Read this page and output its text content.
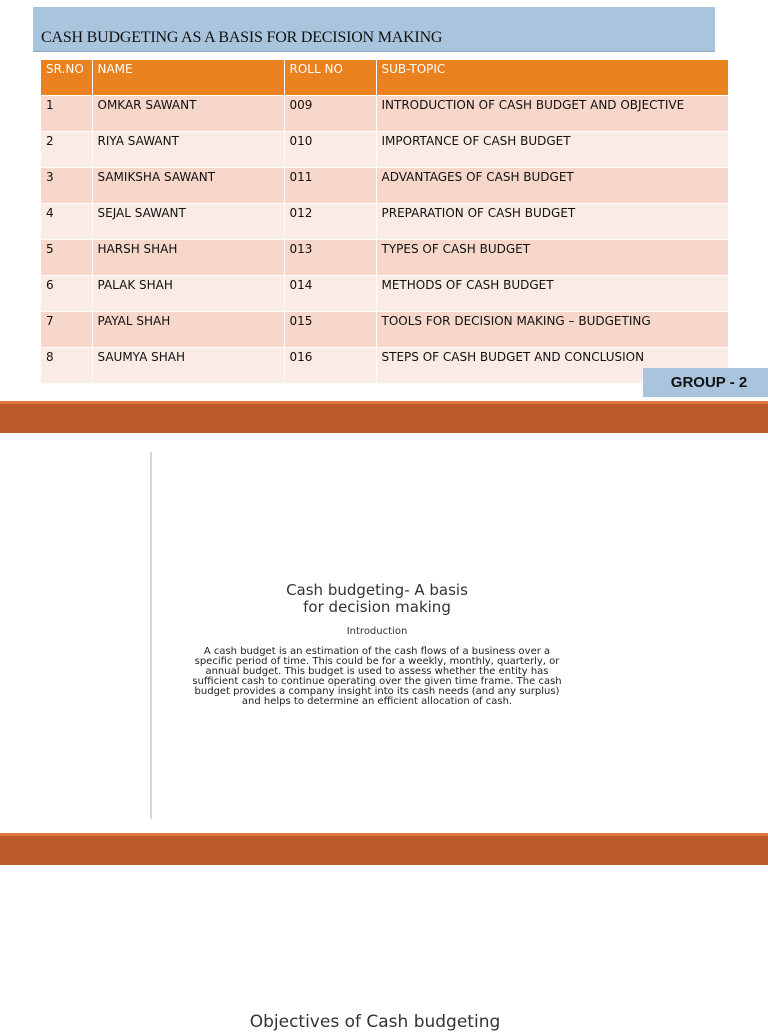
CASH BUDGETING AS A BASIS FOR DECISION MAKING
SR.NO	NAME	ROLL NO	SUB-TOPIC
1	OMKAR SAWANT	009	INTRODUCTION OF CASH BUDGET AND OBJECTIVE
2	RIYA SAWANT	010	IMPORTANCE OF CASH BUDGET
3	SAMIKSHA SAWANT	011	ADVANTAGES OF CASH BUDGET
4	SEJAL SAWANT	012	PREPARATION OF CASH BUDGET
5	HARSH SHAH	013	TYPES OF CASH BUDGET
6	PALAK SHAH	014	METHODS OF CASH BUDGET
7	PAYAL SHAH	015	TOOLS FOR DECISION MAKING – BUDGETING
8	SAUMYA SHAH	016	STEPS OF CASH BUDGET AND CONCLUSION
GROUP - 2
Cash budgeting- A basis
for decision making
Introduction
A cash budget is an estimation of the cash flows of a business over a
specific period of time. This could be for a weekly, monthly, quarterly, or
annual budget. This budget is used to assess whether the entity has
sufficient cash to continue operating over the given time frame. The cash
budget provides a company insight into its cash needs (and any surplus)
and helps to determine an efficient allocation of cash.
Objectives of Cash budgeting
